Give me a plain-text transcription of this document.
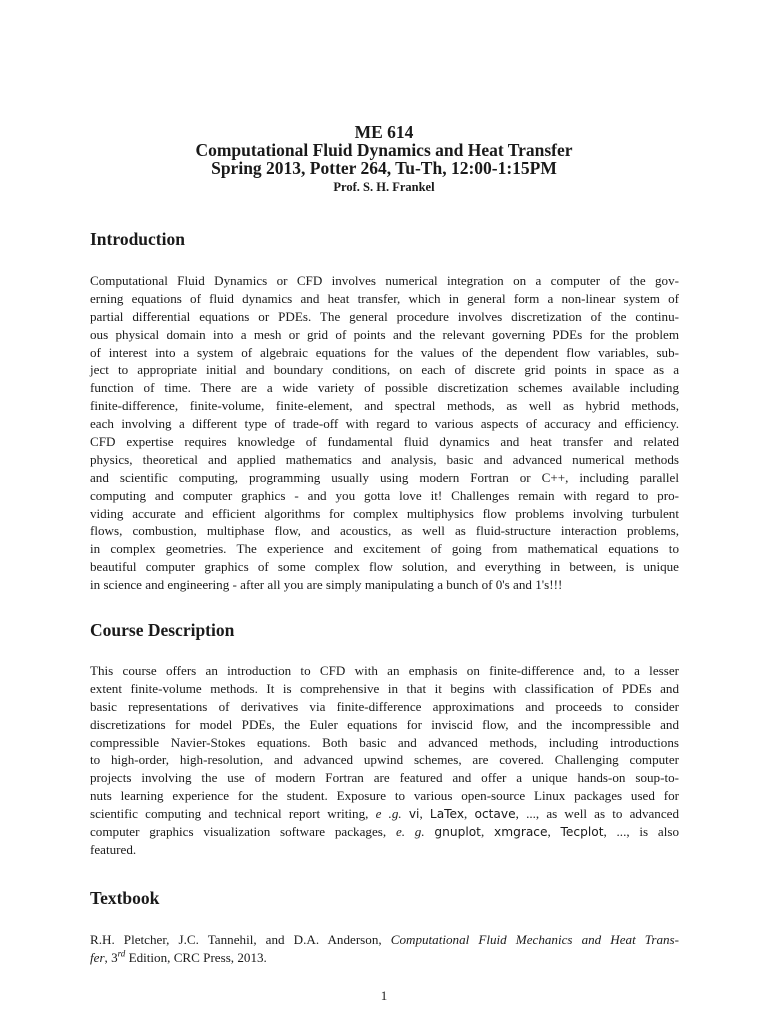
ME 614
Computational Fluid Dynamics and Heat Transfer
Spring 2013, Potter 264, Tu-Th, 12:00-1:15PM
Prof. S. H. Frankel
Introduction
Computational Fluid Dynamics or CFD involves numerical integration on a computer of the gov-
erning equations of fluid dynamics and heat transfer, which in general form a non-linear system of
partial differential equations or PDEs. The general procedure involves discretization of the continu-
ous physical domain into a mesh or grid of points and the relevant governing PDEs for the problem
of interest into a system of algebraic equations for the values of the dependent flow variables, sub-
ject to appropriate initial and boundary conditions, on each of discrete grid points in space as a
function of time. There are a wide variety of possible discretization schemes available including
finite-difference, finite-volume, finite-element, and spectral methods, as well as hybrid methods,
each involving a different type of trade-off with regard to various aspects of accuracy and efficiency.
CFD expertise requires knowledge of fundamental fluid dynamics and heat transfer and related
physics, theoretical and applied mathematics and analysis, basic and advanced numerical methods
and scientific computing, programming usually using modern Fortran or C++, including parallel
computing and computer graphics - and you gotta love it! Challenges remain with regard to pro-
viding accurate and efficient algorithms for complex multiphysics flow problems involving turbulent
flows, combustion, multiphase flow, and acoustics, as well as fluid-structure interaction problems,
in complex geometries. The experience and excitement of going from mathematical equations to
beautiful computer graphics of some complex flow solution, and everything in between, is unique
in science and engineering - after all you are simply manipulating a bunch of 0's and 1's!!!
Course Description
This course offers an introduction to CFD with an emphasis on finite-difference and, to a lesser
extent finite-volume methods. It is comprehensive in that it begins with classification of PDEs and
basic representations of derivatives via finite-difference approximations and proceeds to consider
discretizations for model PDEs, the Euler equations for inviscid flow, and the incompressible and
compressible Navier-Stokes equations. Both basic and advanced methods, including introductions
to high-order, high-resolution, and advanced upwind schemes, are covered. Challenging computer
projects involving the use of modern Fortran are featured and offer a unique hands-on soup-to-
nuts learning experience for the student. Exposure to various open-source Linux packages used for
scientific computing and technical report writing, e .g. vi, LaTex, octave, ..., as well as to advanced
computer graphics visualization software packages, e. g. gnuplot, xmgrace, Tecplot, ..., is also
featured.
Textbook
R.H. Pletcher, J.C. Tannehil, and D.A. Anderson, Computational Fluid Mechanics and Heat Trans-
fer, 3rd Edition, CRC Press, 2013.
1
